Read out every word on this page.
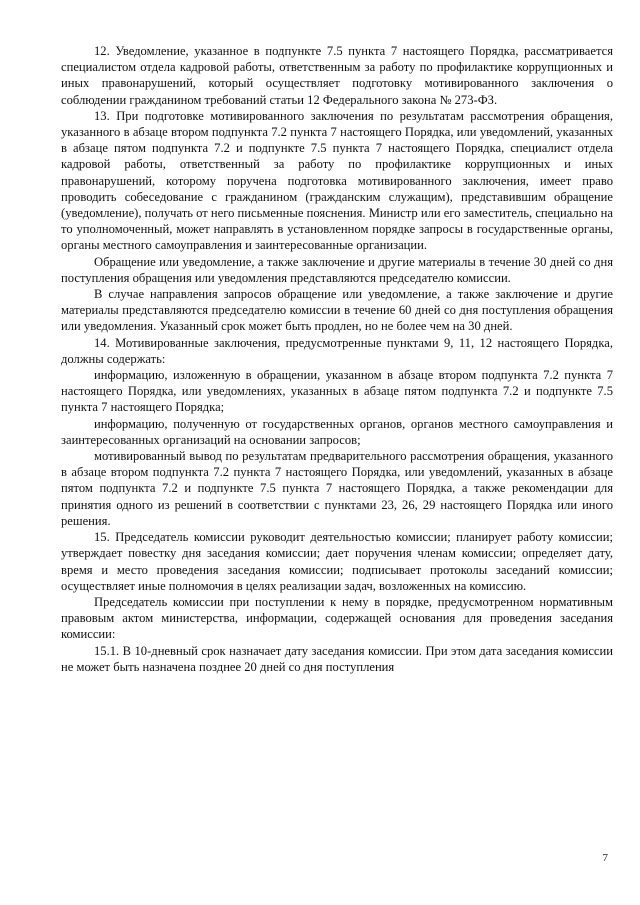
12. Уведомление, указанное в подпункте 7.5 пункта 7 настоящего Порядка, рассматривается специалистом отдела кадровой работы, ответственным за работу по профилактике коррупционных и иных правонарушений, который осуществляет подготовку мотивированного заключения о соблюдении гражданином требований статьи 12 Федерального закона № 273-ФЗ.

13. При подготовке мотивированного заключения по результатам рассмотрения обращения, указанного в абзаце втором подпункта 7.2 пункта 7 настоящего Порядка, или уведомлений, указанных в абзаце пятом подпункта 7.2 и подпункте 7.5 пункта 7 настоящего Порядка, специалист отдела кадровой работы, ответственный за работу по профилактике коррупционных и иных правонарушений, которому поручена подготовка мотивированного заключения, имеет право проводить собеседование с гражданином (гражданским служащим), представившим обращение (уведомление), получать от него письменные пояснения. Министр или его заместитель, специально на то уполномоченный, может направлять в установленном порядке запросы в государственные органы, органы местного самоуправления и заинтересованные организации.

Обращение или уведомление, а также заключение и другие материалы в течение 30 дней со дня поступления обращения или уведомления представляются председателю комиссии.

В случае направления запросов обращение или уведомление, а также заключение и другие материалы представляются председателю комиссии в течение 60 дней со дня поступления обращения или уведомления. Указанный срок может быть продлен, но не более чем на 30 дней.

14. Мотивированные заключения, предусмотренные пунктами 9, 11, 12 настоящего Порядка, должны содержать:

информацию, изложенную в обращении, указанном в абзаце втором подпункта 7.2 пункта 7 настоящего Порядка, или уведомлениях, указанных в абзаце пятом подпункта 7.2 и подпункте 7.5 пункта 7 настоящего Порядка;

информацию, полученную от государственных органов, органов местного самоуправления и заинтересованных организаций на основании запросов;

мотивированный вывод по результатам предварительного рассмотрения обращения, указанного в абзаце втором подпункта 7.2 пункта 7 настоящего Порядка, или уведомлений, указанных в абзаце пятом подпункта 7.2 и подпункте 7.5 пункта 7 настоящего Порядка, а также рекомендации для принятия одного из решений в соответствии с пунктами 23, 26, 29 настоящего Порядка или иного решения.

15. Председатель комиссии руководит деятельностью комиссии; планирует работу комиссии; утверждает повестку дня заседания комиссии; дает поручения членам комиссии; определяет дату, время и место проведения заседания комиссии; подписывает протоколы заседаний комиссии; осуществляет иные полномочия в целях реализации задач, возложенных на комиссию.

Председатель комиссии при поступлении к нему в порядке, предусмотренном нормативным правовым актом министерства, информации, содержащей основания для проведения заседания комиссии:

15.1. В 10-дневный срок назначает дату заседания комиссии. При этом дата заседания комиссии не может быть назначена позднее 20 дней со дня поступления

7
